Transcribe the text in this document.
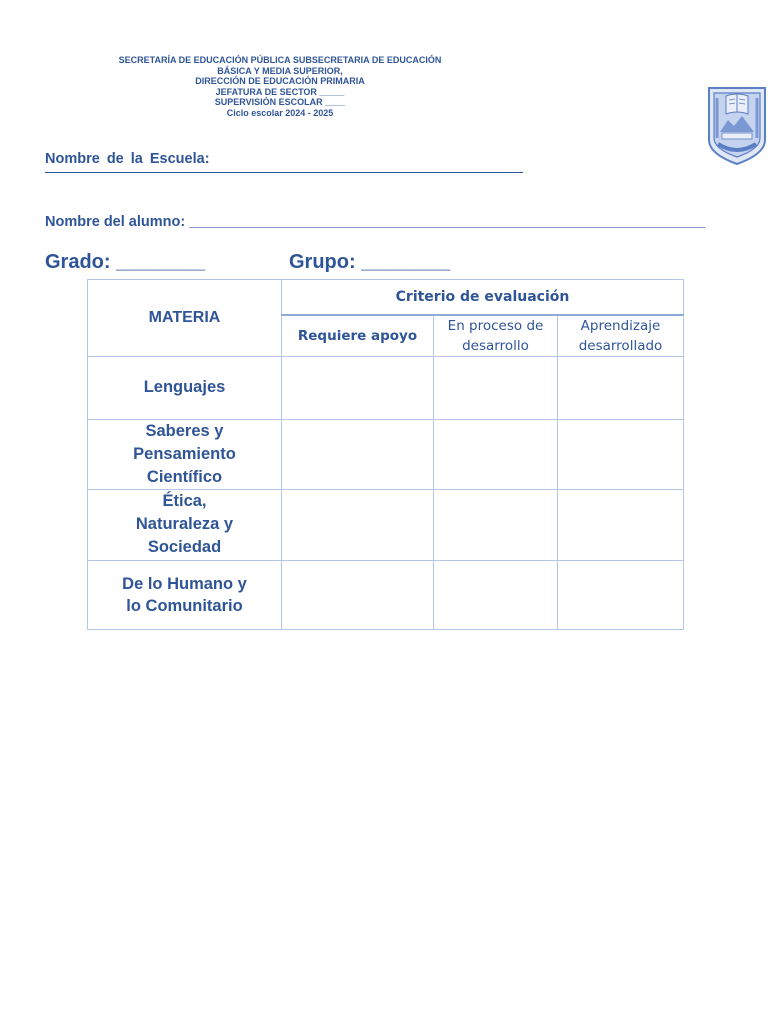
SECRETARÍA DE EDUCACIÓN PÚBLICA SUBSECRETARIA DE EDUCACIÓN
BÁSICA Y MEDIA SUPERIOR,
DIRECCIÓN DE EDUCACIÓN PRIMARIA
JEFATURA DE SECTOR _____
SUPERVISIÓN ESCOLAR ____
Ciclo escolar 2024 - 2025
Nombre de la Escuela:
Nombre del alumno: ________________________________________________________________
Grado: ________	Grupo: ________
MATERIA	Criterio de evaluación		
	Requiere apoyo	En proceso de desarrollo	Aprendizaje desarrollado
Lenguajes			
Saberes y Pensamiento Científico			
Ética, Naturaleza y Sociedad			
De lo Humano y lo Comunitario			
